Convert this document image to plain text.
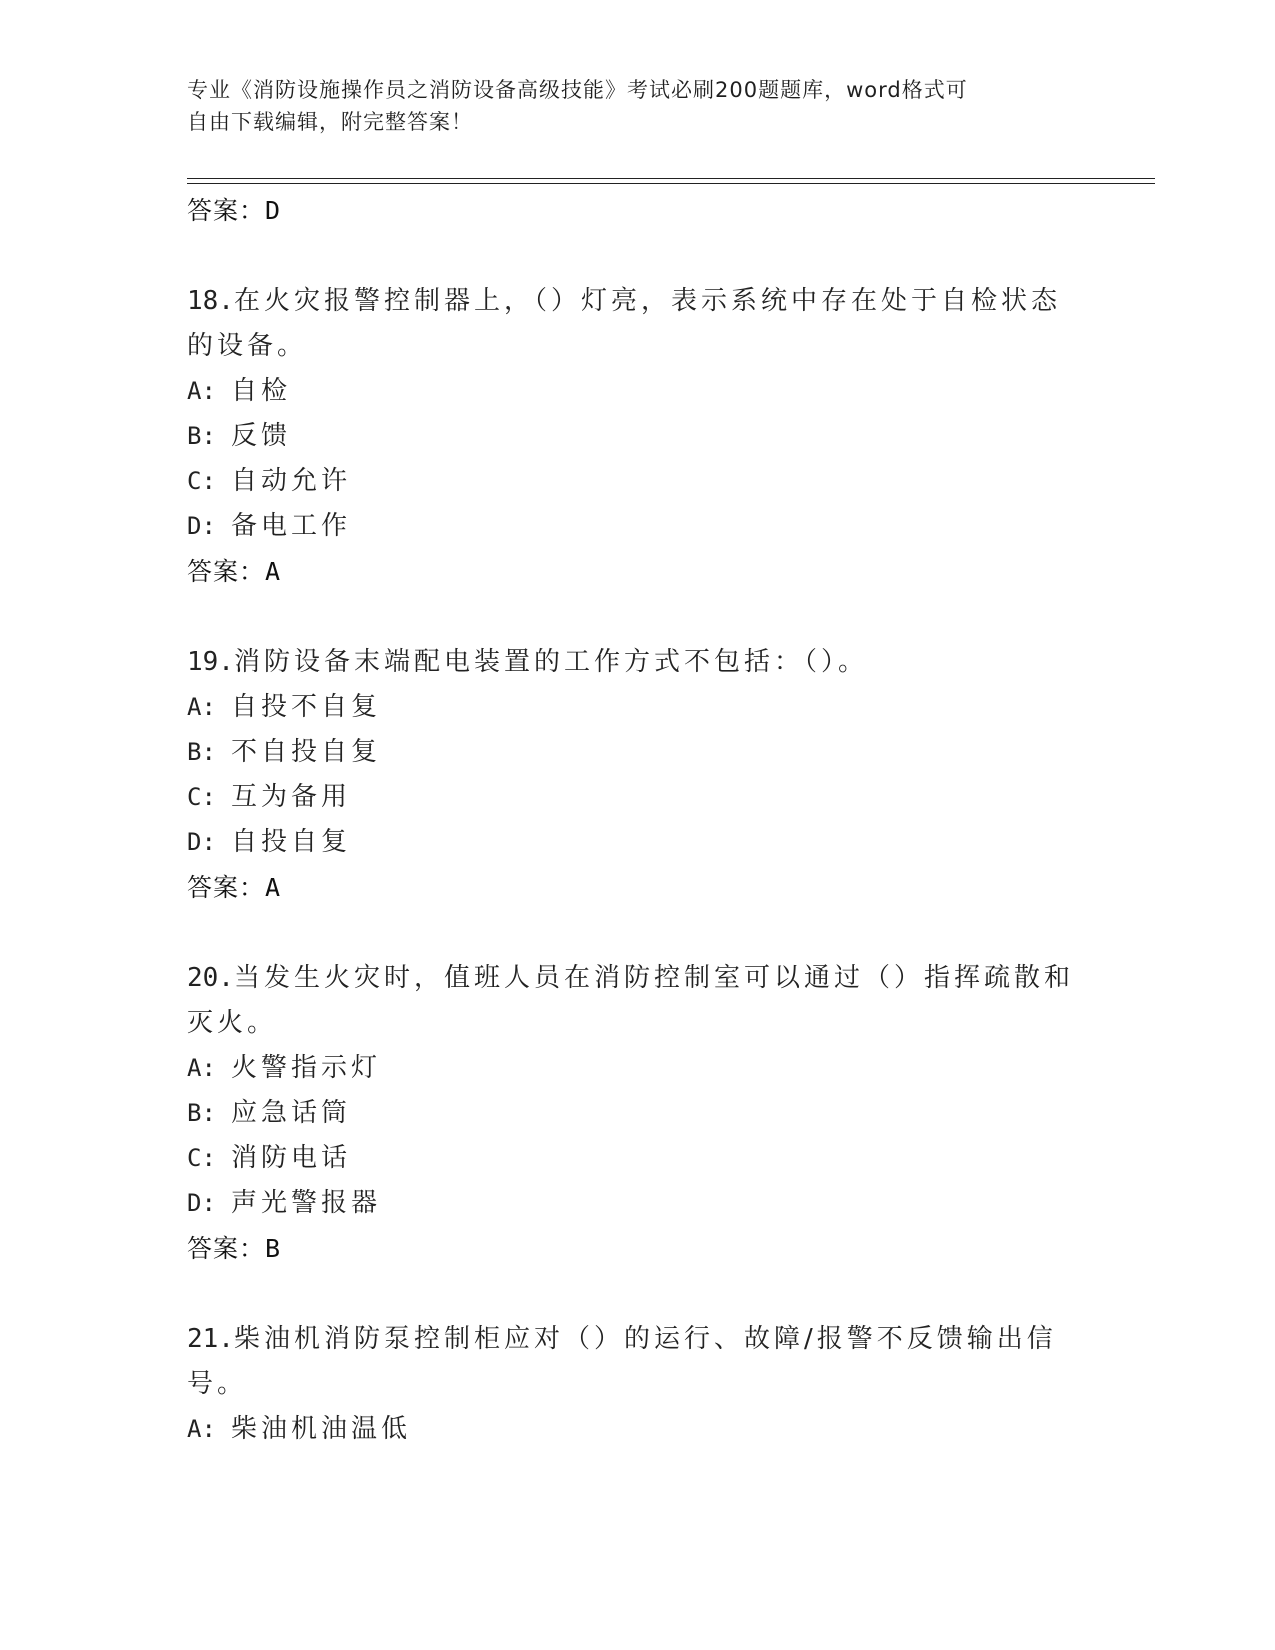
专业《消防设施操作员之消防设备高级技能》考试必刷200题题库，word格式可
自由下载编辑，附完整答案！
答案：D
18.在火灾报警控制器上，（）灯亮，表示系统中存在处于自检状态的设备。
A: 自检
B: 反馈
C: 自动允许
D: 备电工作
答案：A
19.消防设备末端配电装置的工作方式不包括：（）。
A: 自投不自复
B: 不自投自复
C: 互为备用
D: 自投自复
答案：A
20.当发生火灾时，值班人员在消防控制室可以通过（）指挥疏散和灭火。
A: 火警指示灯
B: 应急话筒
C: 消防电话
D: 声光警报器
答案：B
21.柴油机消防泵控制柜应对（）的运行、故障/报警不反馈输出信号。
A: 柴油机油温低
